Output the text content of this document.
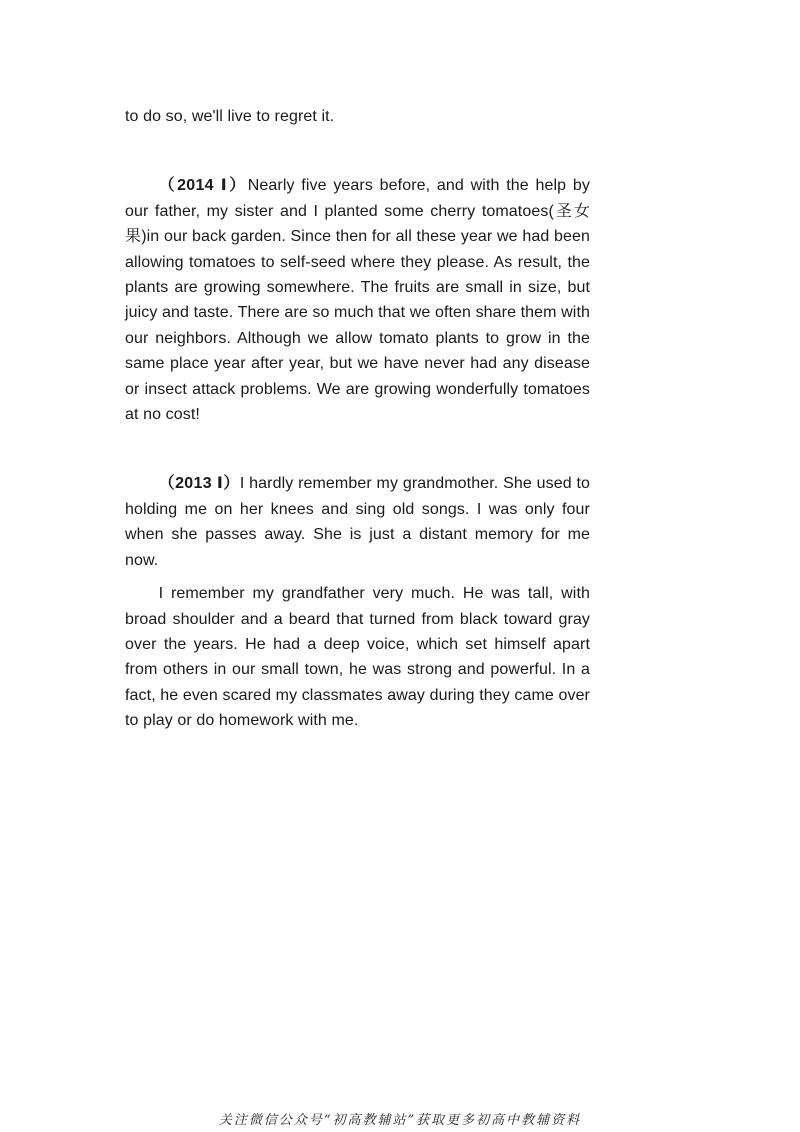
to do so, we'll live to regret it.

（2014 Ⅰ）Nearly five years before, and with the help by our father, my sister and I planted some cherry tomatoes(圣女果)in our back garden. Since then for all these year we had been allowing tomatoes to self-seed where they please. As result, the plants are growing somewhere. The fruits are small in size, but juicy and taste. There are so much that we often share them with our neighbors. Although we allow tomato plants to grow in the same place year after year, but we have never had any disease or insect attack problems. We are growing wonderfully tomatoes at no cost!

（2013 Ⅰ）I hardly remember my grandmother. She used to holding me on her knees and sing old songs. I was only four when she passes away. She is just a distant memory for me now.

I remember my grandfather very much. He was tall, with broad shoulder and a beard that turned from black toward gray over the years. He had a deep voice, which set himself apart from others in our small town, he was strong and powerful. In a fact, he even scared my classmates away during they came over to play or do homework with me.

关注微信公众号“初高教辅站”获取更多初高中教辅资料
